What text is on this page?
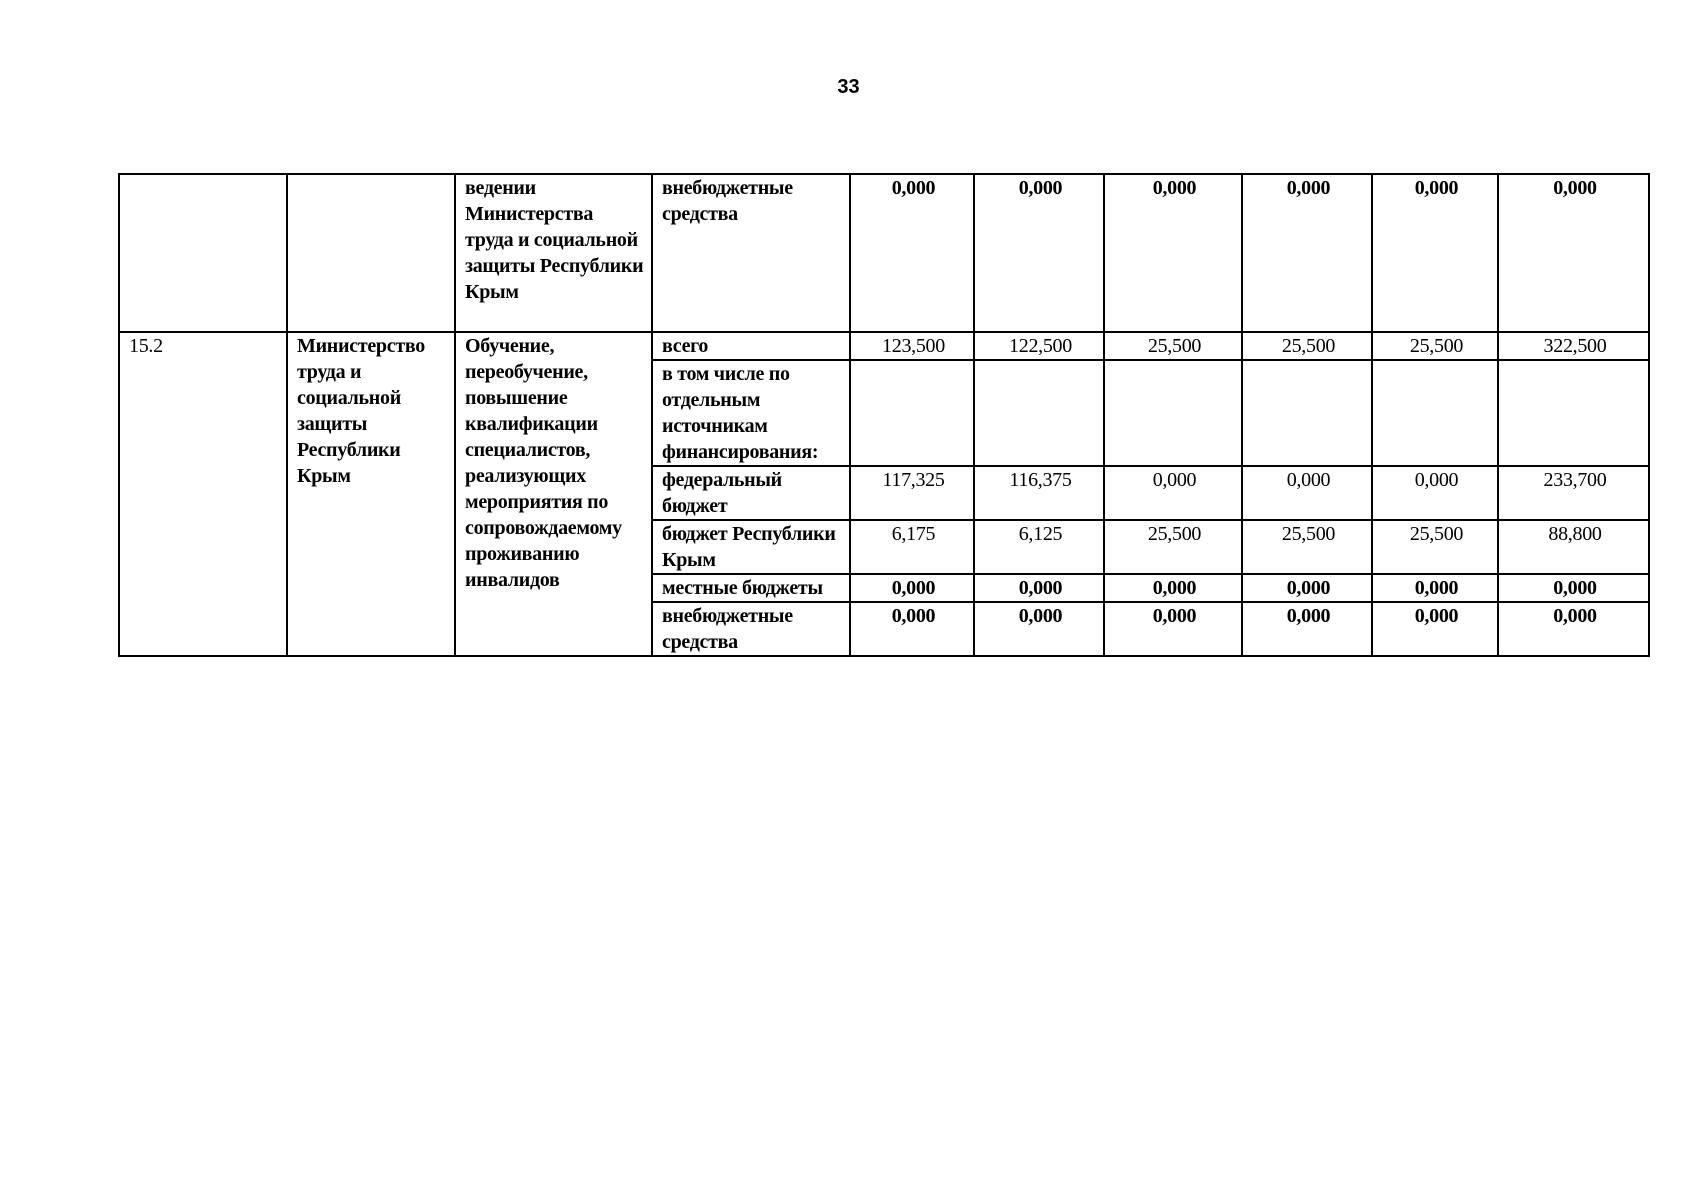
33
		ведении Министерства труда и социальной защиты Республики Крым	внебюджетные средства	0,000	0,000	0,000	0,000	0,000	0,000
15.2	Министерство труда и социальной защиты Республики Крым	Обучение, переобучение, повышение квалификации специалистов, реализующих мероприятия по сопровождаемому проживанию инвалидов	всего	123,500	122,500	25,500	25,500	25,500	322,500
			в том числе по отдельным источникам финансирования:						
			федеральный бюджет	117,325	116,375	0,000	0,000	0,000	233,700
			бюджет Республики Крым	6,175	6,125	25,500	25,500	25,500	88,800
			местные бюджеты	0,000	0,000	0,000	0,000	0,000	0,000
			внебюджетные средства	0,000	0,000	0,000	0,000	0,000	0,000
